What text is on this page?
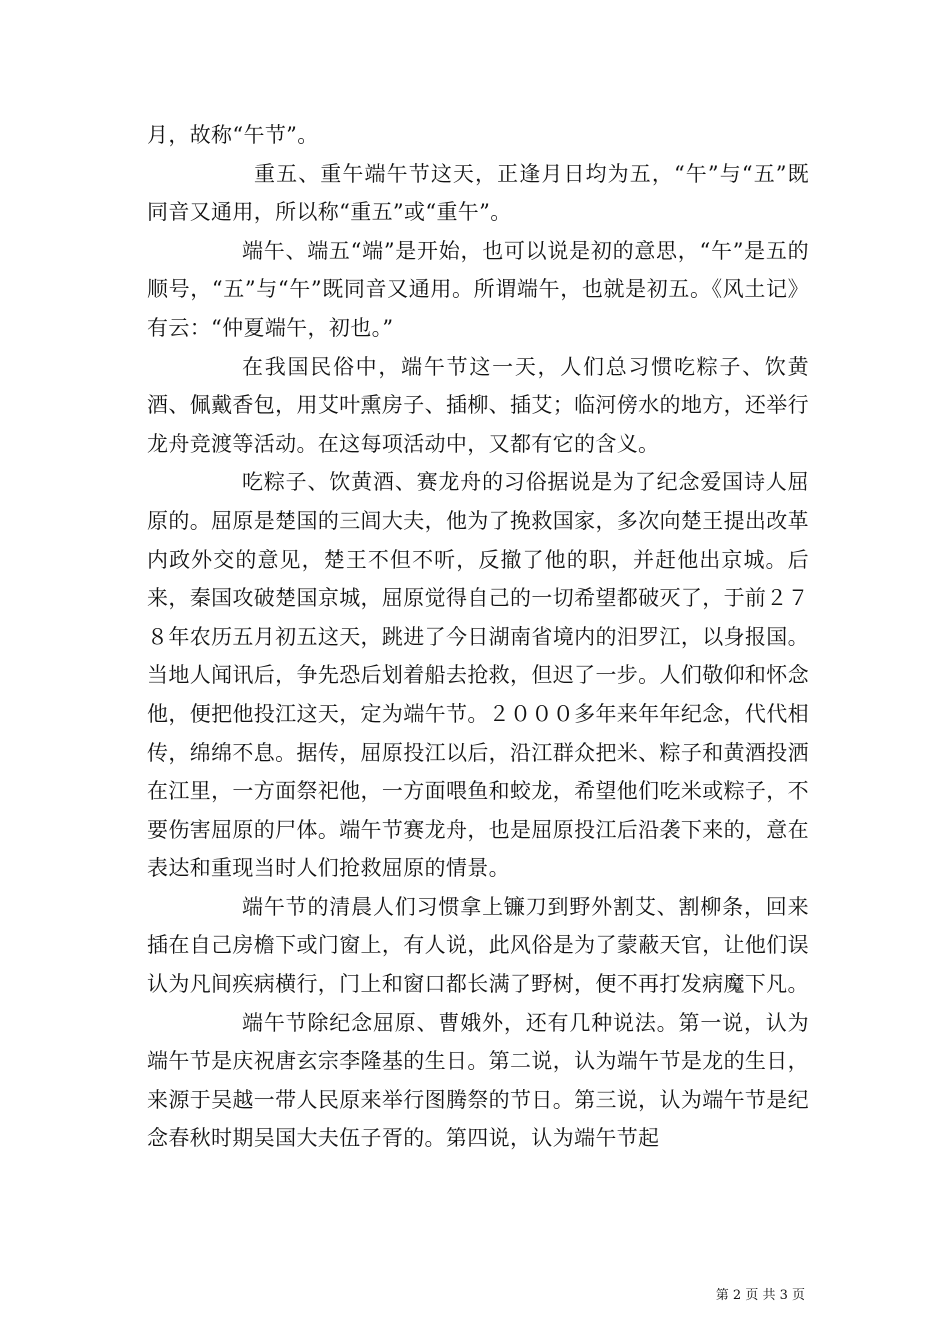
月，故称“午节”。

重五、重午端午节这天，正逢月日均为五，“午”与“五”既同音又通用，所以称“重五”或“重午”。

端午、端五“端”是开始，也可以说是初的意思，“午”是五的顺号，“五”与“午”既同音又通用。所谓端午，也就是初五。《风土记》有云：“仲夏端午，初也。”

在我国民俗中，端午节这一天，人们总习惯吃粽子、饮黄酒、佩戴香包，用艾叶熏房子、插柳、插艾；临河傍水的地方，还举行龙舟竞渡等活动。在这每项活动中，又都有它的含义。

吃粽子、饮黄酒、赛龙舟的习俗据说是为了纪念爱国诗人屈原的。屈原是楚国的三闾大夫，他为了挽救国家，多次向楚王提出改革内政外交的意见，楚王不但不听，反撤了他的职，并赶他出京城。后来，秦国攻破楚国京城，屈原觉得自己的一切希望都破灭了，于前２７８年农历五月初五这天，跳进了今日湖南省境内的汨罗江，以身报国。当地人闻讯后，争先恐后划着船去抢救，但迟了一步。人们敬仰和怀念他，便把他投江这天，定为端午节。２０００多年来年年纪念，代代相传，绵绵不息。据传，屈原投江以后，沿江群众把米、粽子和黄酒投洒在江里，一方面祭祀他，一方面喂鱼和蛟龙，希望他们吃米或粽子，不要伤害屈原的尸体。端午节赛龙舟，也是屈原投江后沿袭下来的，意在表达和重现当时人们抢救屈原的情景。

端午节的清晨人们习惯拿上镰刀到野外割艾、割柳条，回来插在自己房檐下或门窗上，有人说，此风俗是为了蒙蔽天官，让他们误认为凡间疾病横行，门上和窗口都长满了野树，便不再打发病魔下凡。

端午节除纪念屈原、曹娥外，还有几种说法。第一说，认为端午节是庆祝唐玄宗李隆基的生日。第二说，认为端午节是龙的生日，来源于吴越一带人民原来举行图腾祭的节日。第三说，认为端午节是纪念春秋时期吴国大夫伍子胥的。第四说，认为端午节起

第 2 页 共 3 页
